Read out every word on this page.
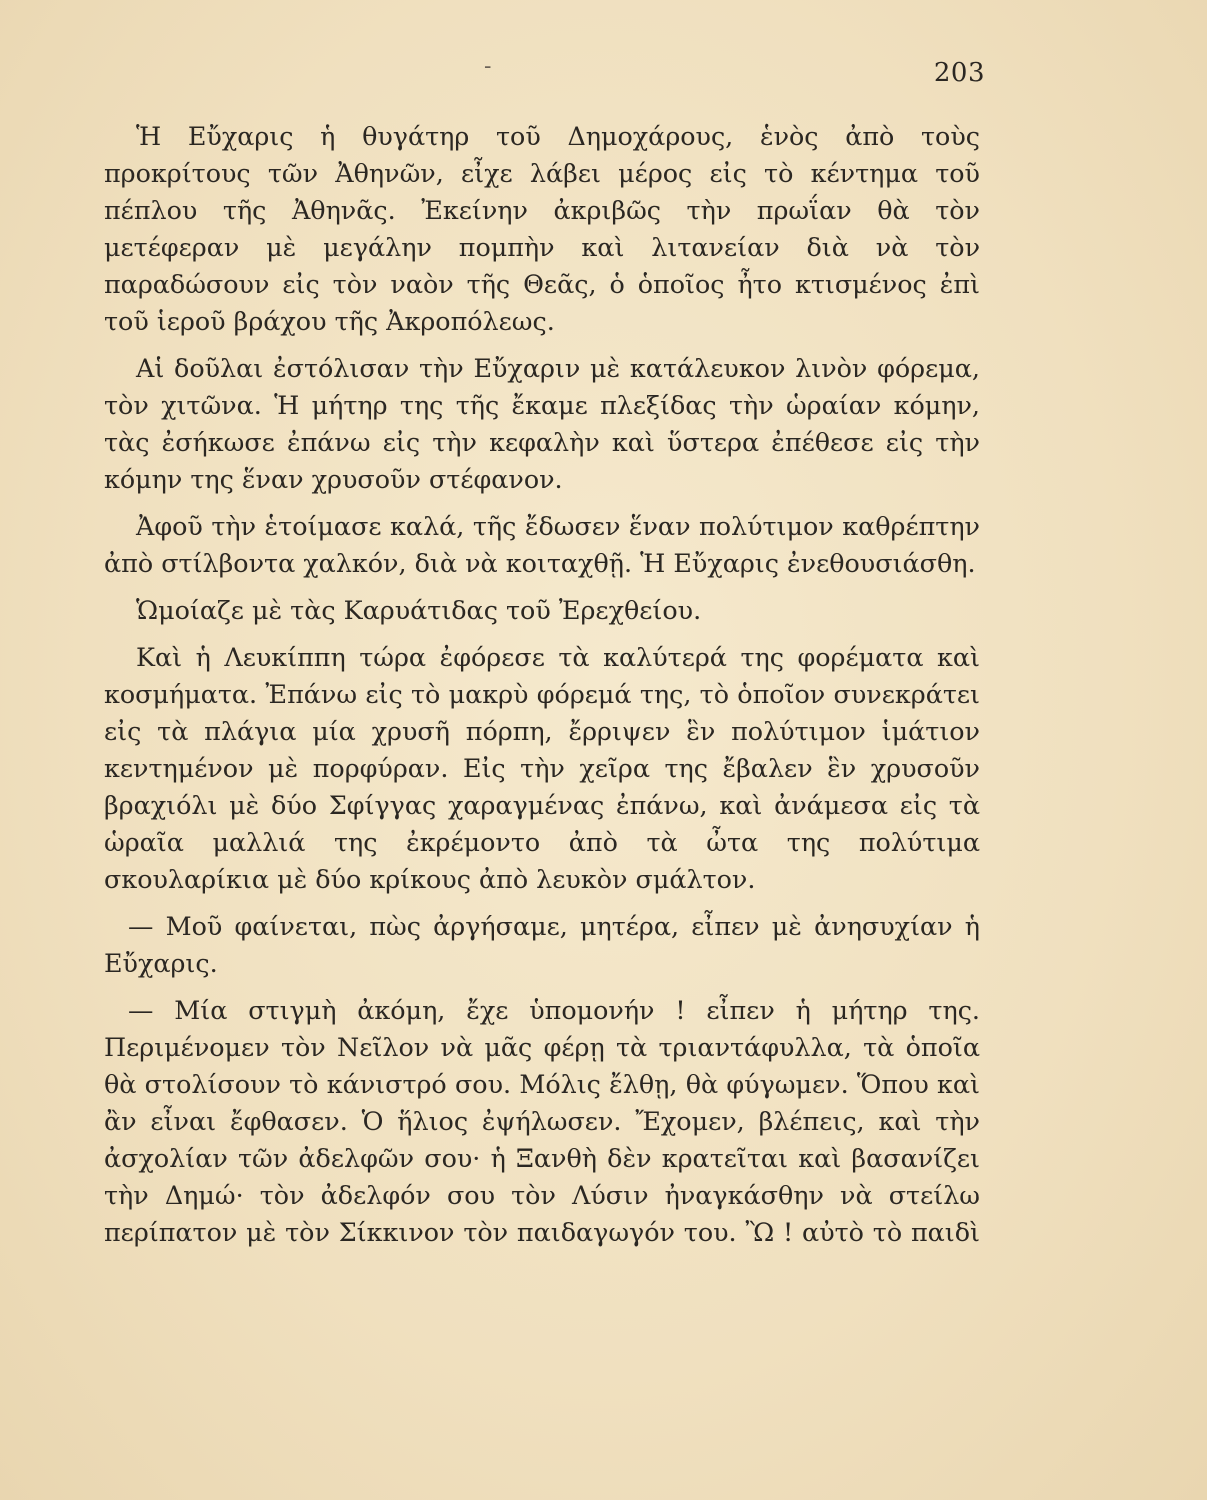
-	203

Ἡ Εὔχαρις ἡ θυγάτηρ τοῦ Δημοχάρους, ἑνὸς ἀπὸ τοὺς προκρίτους τῶν Ἀθηνῶν, εἶχε λάβει μέρος εἰς τὸ κέντημα τοῦ πέπλου τῆς Ἀθηνᾶς. Ἐκείνην ἀκριβῶς τὴν πρωΐαν θὰ τὸν μετέφεραν μὲ μεγάλην πομπὴν καὶ λιτανείαν διὰ νὰ τὸν παραδώσουν εἰς τὸν ναὸν τῆς Θεᾶς, ὁ ὁποῖος ἦτο κτισμένος ἐπὶ τοῦ ἱεροῦ βράχου τῆς Ἀκροπόλεως.

Αἱ δοῦλαι ἐστόλισαν τὴν Εὔχαριν μὲ κατάλευκον λινὸν φόρεμα, τὸν χιτῶνα. Ἡ μήτηρ της τῆς ἔκαμε πλεξίδας τὴν ὡραίαν κόμην, τὰς ἐσήκωσε ἐπάνω εἰς τὴν κεφαλὴν καὶ ὕστερα ἐπέθεσε εἰς τὴν κόμην της ἕναν χρυσοῦν στέφανον.

Ἀφοῦ τὴν ἑτοίμασε καλά, τῆς ἔδωσεν ἕναν πολύτιμον καθρέπτην ἀπὸ στίλβοντα χαλκόν, διὰ νὰ κοιταχθῇ. Ἡ Εὔχαρις ἐνεθουσιάσθη.

Ὡμοίαζε μὲ τὰς Καρυάτιδας τοῦ Ἐρεχθείου.

Καὶ ἡ Λευκίππη τώρα ἐφόρεσε τὰ καλύτερά της φορέματα καὶ κοσμήματα. Ἐπάνω εἰς τὸ μακρὺ φόρεμά της, τὸ ὁποῖον συνεκράτει εἰς τὰ πλάγια μία χρυσῆ πόρπη, ἔρριψεν ἓν πολύτιμον ἱμάτιον κεντημένον μὲ πορφύραν. Εἰς τὴν χεῖρα της ἔβαλεν ἓν χρυσοῦν βραχιόλι μὲ δύο Σφίγγας χαραγμένας ἐπάνω, καὶ ἀνάμεσα εἰς τὰ ὡραῖα μαλλιά της ἐκρέμοντο ἀπὸ τὰ ὦτα της πολύτιμα σκουλαρίκια μὲ δύο κρίκους ἀπὸ λευκὸν σμάλτον.

— Μοῦ φαίνεται, πὼς ἀργήσαμε, μητέρα, εἶπεν μὲ ἀνησυχίαν ἡ Εὔχαρις.

— Μία στιγμὴ ἀκόμη, ἔχε ὑπομονήν ! εἶπεν ἡ μήτηρ της. Περιμένομεν τὸν Νεῖλον νὰ μᾶς φέρῃ τὰ τριαντάφυλλα, τὰ ὁποῖα θὰ στολίσουν τὸ κάνιστρό σου. Μόλις ἔλθῃ, θὰ φύγωμεν. Ὅπου καὶ ἂν εἶναι ἔφθασεν. Ὁ ἥλιος ἐψήλωσεν. Ἔχομεν, βλέπεις, καὶ τὴν ἀσχολίαν τῶν ἀδελφῶν σου· ἡ Ξανθὴ δὲν κρατεῖται καὶ βασανίζει τὴν Δημώ· τὸν ἀδελφόν σου τὸν Λύσιν ἠναγκάσθην νὰ στείλω περίπατον μὲ τὸν Σίκκινον τὸν παιδαγωγόν του. Ὢ ! αὐτὸ τὸ παιδὶ
